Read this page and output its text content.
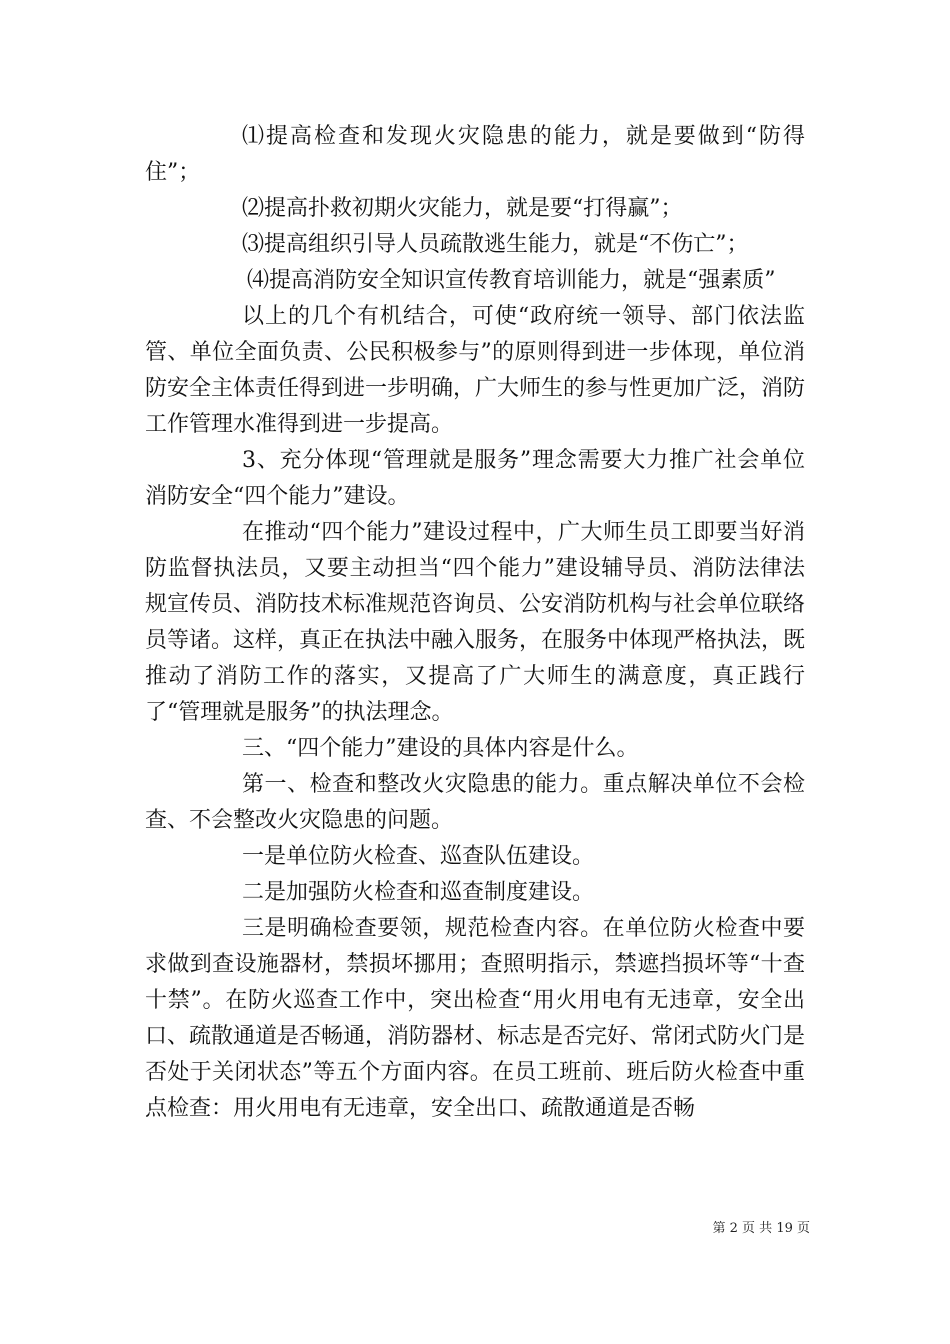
⑴提高检查和发现火灾隐患的能力，就是要做到“防得住”；

⑵提高扑救初期火灾能力，就是要“打得赢”；

⑶提高组织引导人员疏散逃生能力，就是“不伤亡”；

⑷提高消防安全知识宣传教育培训能力，就是“强素质”

以上的几个有机结合，可使“政府统一领导、部门依法监管、单位全面负责、公民积极参与”的原则得到进一步体现，单位消防安全主体责任得到进一步明确，广大师生的参与性更加广泛，消防工作管理水准得到进一步提高。

3、充分体现“管理就是服务”理念需要大力推广社会单位消防安全“四个能力”建设。

在推动“四个能力”建设过程中，广大师生员工即要当好消防监督执法员，又要主动担当“四个能力”建设辅导员、消防法律法规宣传员、消防技术标准规范咨询员、公安消防机构与社会单位联络员等诸。这样，真正在执法中融入服务，在服务中体现严格执法，既推动了消防工作的落实，又提高了广大师生的满意度，真正践行了“管理就是服务”的执法理念。

三、“四个能力”建设的具体内容是什么。

第一、检查和整改火灾隐患的能力。重点解决单位不会检查、不会整改火灾隐患的问题。

一是单位防火检查、巡查队伍建设。

二是加强防火检查和巡查制度建设。

三是明确检查要领，规范检查内容。在单位防火检查中要求做到查设施器材，禁损坏挪用；查照明指示，禁遮挡损坏等“十查十禁”。在防火巡查工作中，突出检查“用火用电有无违章，安全出口、疏散通道是否畅通，消防器材、标志是否完好、常闭式防火门是否处于关闭状态”等五个方面内容。在员工班前、班后防火检查中重点检查：用火用电有无违章，安全出口、疏散通道是否畅

第 2 页 共 19 页
